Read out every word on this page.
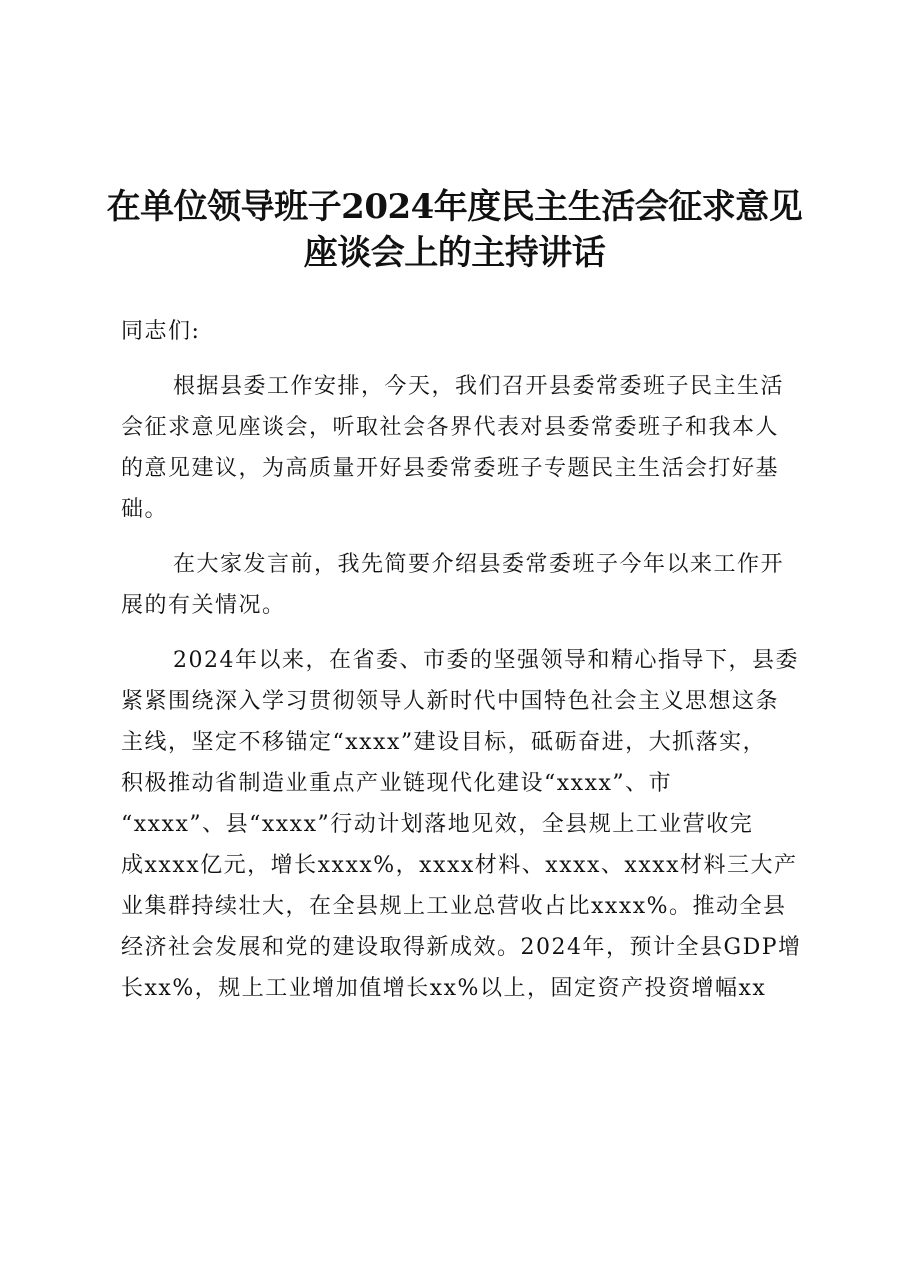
在单位领导班子2024年度民主生活会征求意见
座谈会上的主持讲话
同志们:
根据县委工作安排，今天，我们召开县委常委班子民主生活
会征求意见座谈会，听取社会各界代表对县委常委班子和我本人
的意见建议，为高质量开好县委常委班子专题民主生活会打好基
础。
在大家发言前，我先简要介绍县委常委班子今年以来工作开
展的有关情况。
2024年以来，在省委、市委的坚强领导和精心指导下，县委
紧紧围绕深入学习贯彻领导人新时代中国特色社会主义思想这条
主线，坚定不移锚定“xxxx”建设目标，砥砺奋进，大抓落实，
积极推动省制造业重点产业链现代化建设“xxxx”、市
“xxxx”、县“xxxx”行动计划落地见效，全县规上工业营收完
成xxxx亿元，增长xxxx%，xxxx材料、xxxx、xxxx材料三大产
业集群持续壮大，在全县规上工业总营收占比xxxx%。推动全县
经济社会发展和党的建设取得新成效。2024年，预计全县GDP增
长xx%，规上工业增加值增长xx%以上，固定资产投资增幅xx
